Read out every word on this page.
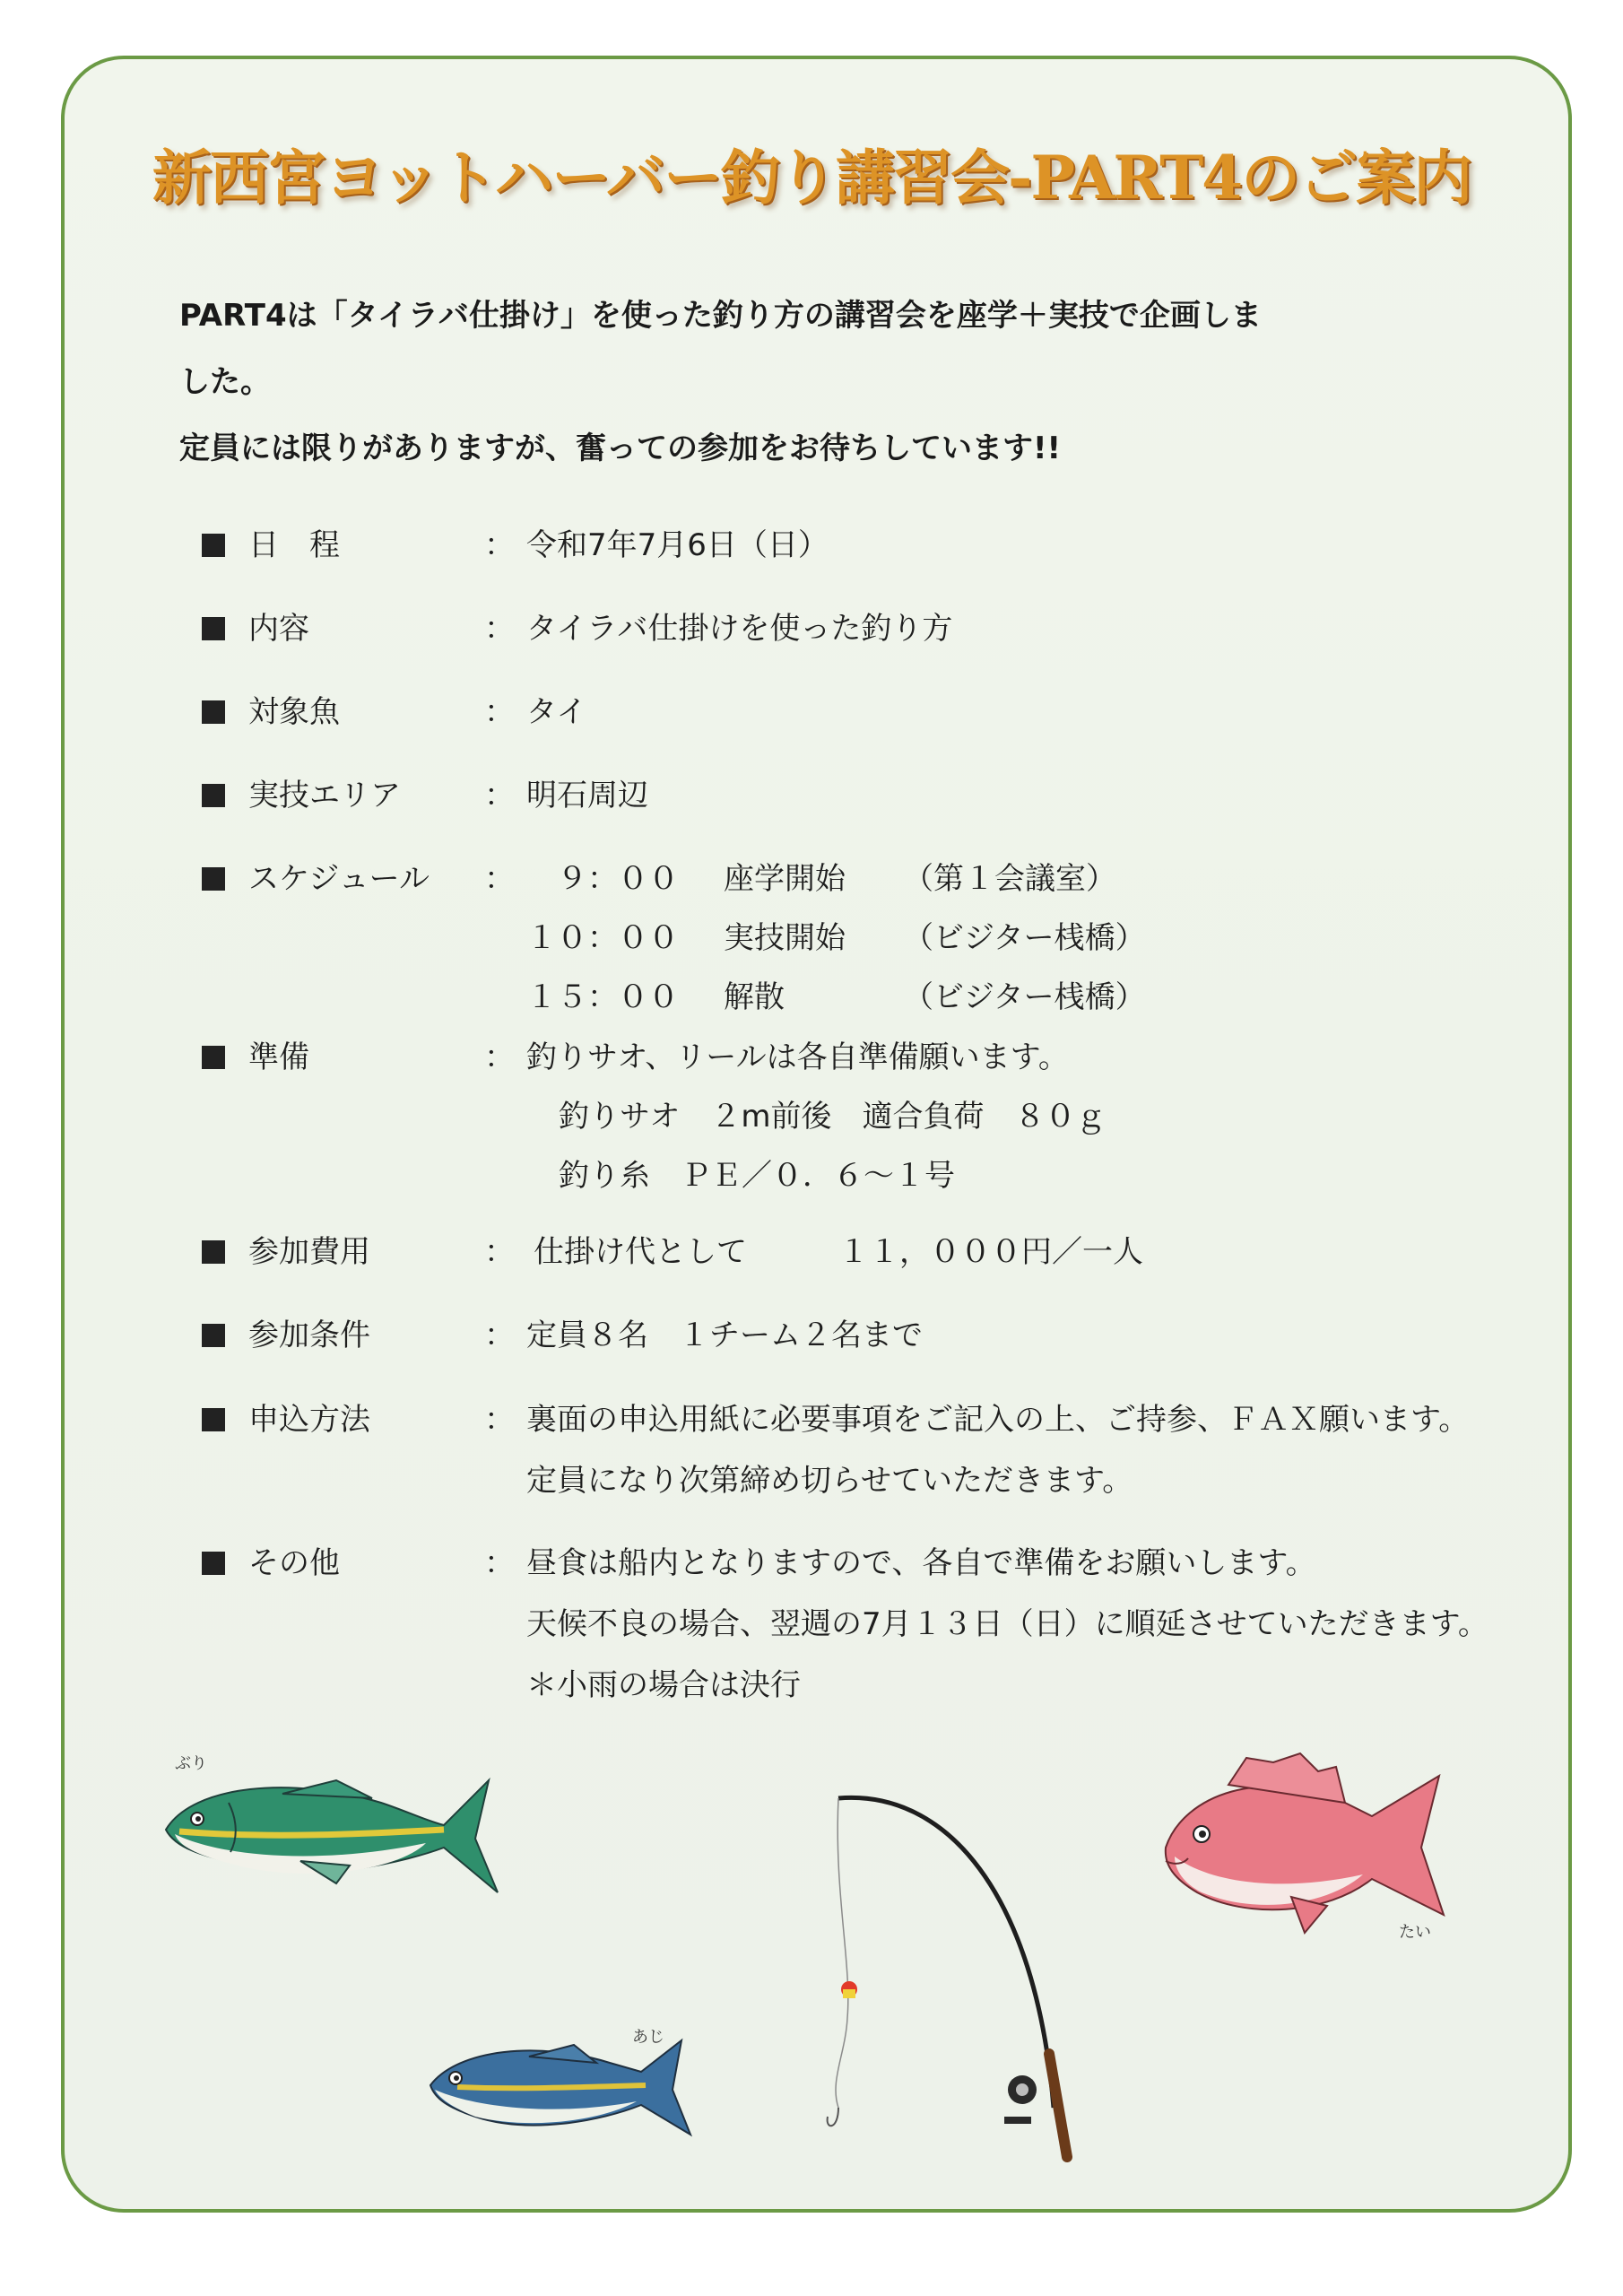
新西宮ヨットハーバー釣り講習会-PART4のご案内

PART4は「タイラバ仕掛け」を使った釣り方の講習会を座学＋実技で企画しま

した。

定員には限りがありますが、奮っての参加をお待ちしています!!

日　程	： 令和7年7月6日（日）
内容	： タイラバ仕掛けを使った釣り方
対象魚	： タイ
実技エリア	： 明石周辺
スケジュール ：	９：００ 座学開始 （第１会議室）
１０：００ 実技開始 （ビジター桟橋）
１５：００ 解散	（ビジター桟橋）
準備	： 釣りサオ、リールは各自準備願います。
釣りサオ　２m前後　適合負荷　８０ｇ
釣り糸　ＰＥ／０．６～１号
参加費用	： 仕掛け代として　　　１１，０００円／一人
参加条件	： 定員８名　１チーム２名まで
申込方法	： 裏面の申込用紙に必要事項をご記入の上、ご持参、ＦＡＸ願います。
定員になり次第締め切らせていただきます。
その他	： 昼食は船内となりますので、各自で準備をお願いします。
天候不良の場合、翌週の7月１３日（日）に順延させていただきます。
＊小雨の場合は決行
ぶり
あじ
たい
